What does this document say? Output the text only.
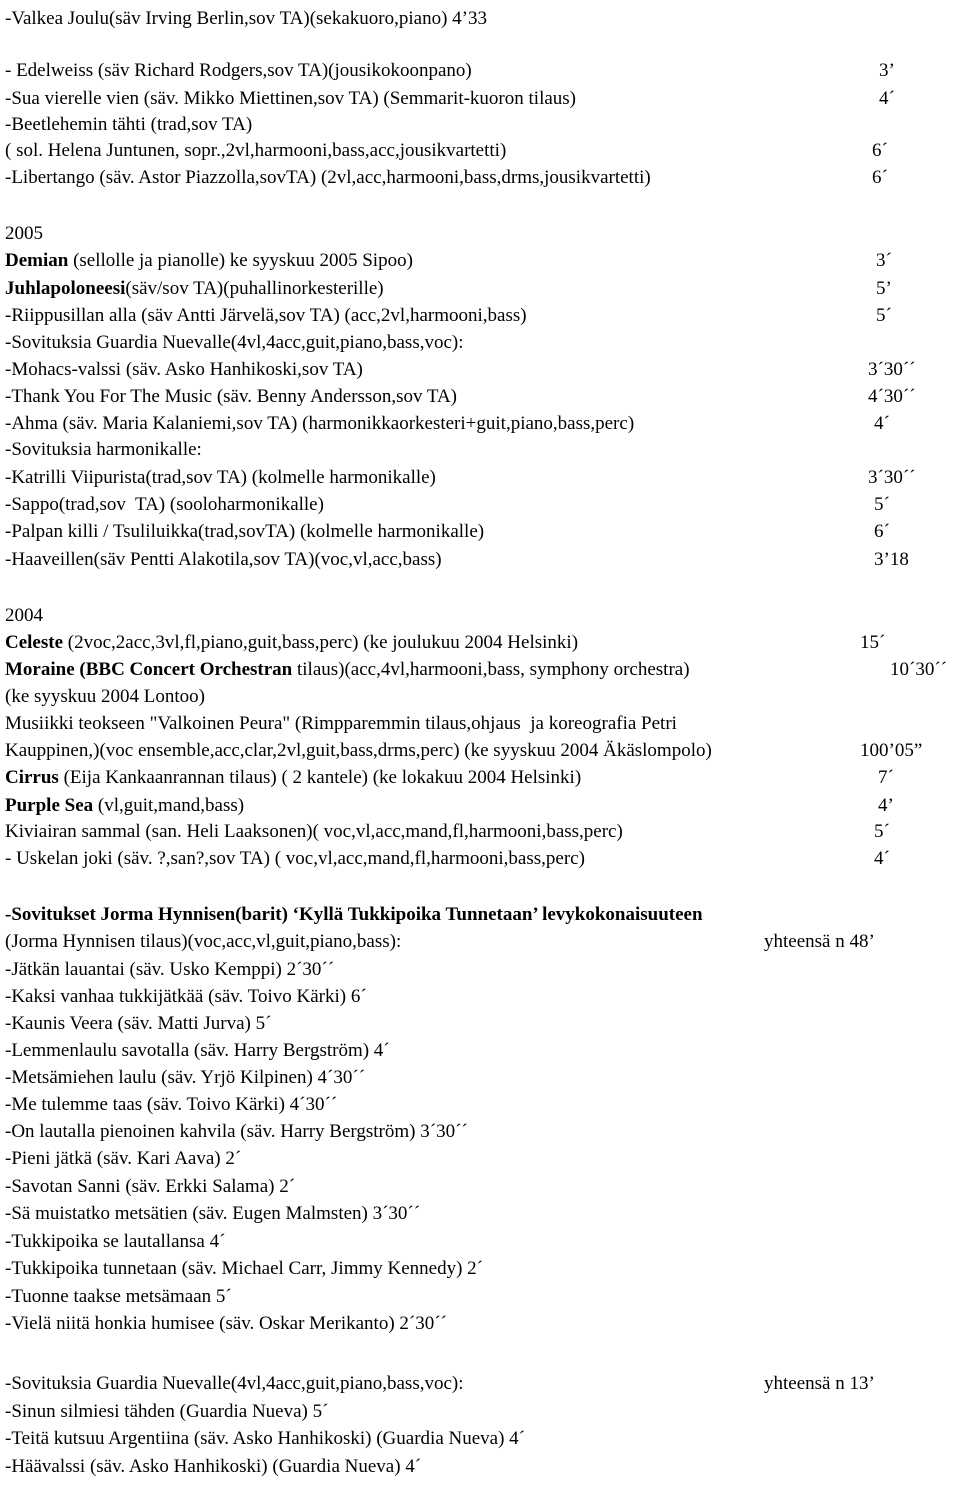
-Valkea Joulu(säv Irving Berlin,sov TA)(sekakuoro,piano) 4’33
- Edelweiss (säv Richard Rodgers,sov TA)(jousikokoonpano)	3’
-Sua vierelle vien (säv. Mikko Miettinen,sov TA) (Semmarit-kuoron tilaus)	4´
-Beetlehemin tähti (trad,sov TA)
( sol. Helena Juntunen, sopr.,2vl,harmooni,bass,acc,jousikvartetti)	6´
-Libertango (säv. Astor Piazzolla,sovTA) (2vl,acc,harmooni,bass,drms,jousikvartetti)	6´
2005
Demian (sellolle ja pianolle) ke syyskuu 2005 Sipoo)	3´
Juhlapoloneesi(säv/sov TA)(puhallinorkesterille)	5’
-Riippusillan alla (säv Antti Järvelä,sov TA) (acc,2vl,harmooni,bass)	5´
-Sovituksia Guardia Nuevalle(4vl,4acc,guit,piano,bass,voc):
-Mohacs-valssi (säv. Asko Hanhikoski,sov TA)	3´30´´
-Thank You For The Music (säv. Benny Andersson,sov TA)	4´30´´
-Ahma (säv. Maria Kalaniemi,sov TA) (harmonikkaorkesteri+guit,piano,bass,perc)	4´
-Sovituksia harmonikalle:
-Katrilli Viipurista(trad,sov TA) (kolmelle harmonikalle)	3´30´´
-Sappo(trad,sov  TA) (sooloharmonikalle)	5´
-Palpan killi / Tsuliluikka(trad,sovTA) (kolmelle harmonikalle)	6´
-Haaveillen(säv Pentti Alakotila,sov TA)(voc,vl,acc,bass)	3’18
2004
Celeste (2voc,2acc,3vl,fl,piano,guit,bass,perc) (ke joulukuu 2004 Helsinki)	15´
Moraine (BBC Concert Orchestran tilaus)(acc,4vl,harmooni,bass, symphony orchestra)	10´30´´
(ke syyskuu 2004 Lontoo)
Musiikki teokseen "Valkoinen Peura" (Rimpparemmin tilaus,ohjaus  ja koreografia Petri
Kauppinen,)(voc ensemble,acc,clar,2vl,guit,bass,drms,perc) (ke syyskuu 2004 Äkäslompolo)	100’05”
Cirrus (Eija Kankaanrannan tilaus) ( 2 kantele) (ke lokakuu 2004 Helsinki)	7´
Purple Sea (vl,guit,mand,bass)	4’
Kiviairan sammal (san. Heli Laaksonen)( voc,vl,acc,mand,fl,harmooni,bass,perc)	5´
- Uskelan joki (säv. ?,san?,sov TA) ( voc,vl,acc,mand,fl,harmooni,bass,perc)	4´
-Sovitukset Jorma Hynnisen(barit) ‘Kyllä Tukkipoika Tunnetaan’ levykokonaisuuteen
(Jorma Hynnisen tilaus)(voc,acc,vl,guit,piano,bass):	yhteensä n 48’
-Jätkän lauantai (säv. Usko Kemppi) 2´30´´
-Kaksi vanhaa tukkijätkää (säv. Toivo Kärki) 6´
-Kaunis Veera (säv. Matti Jurva) 5´
-Lemmenlaulu savotalla (säv. Harry Bergström) 4´
-Metsämiehen laulu (säv. Yrjö Kilpinen) 4´30´´
-Me tulemme taas (säv. Toivo Kärki) 4´30´´
-On lautalla pienoinen kahvila (säv. Harry Bergström) 3´30´´
-Pieni jätkä (säv. Kari Aava) 2´
-Savotan Sanni (säv. Erkki Salama) 2´
-Sä muistatko metsätien (säv. Eugen Malmsten) 3´30´´
-Tukkipoika se lautallansa 4´
-Tukkipoika tunnetaan (säv. Michael Carr, Jimmy Kennedy) 2´
-Tuonne taakse metsämaan 5´
-Vielä niitä honkia humisee (säv. Oskar Merikanto) 2´30´´
-Sovituksia Guardia Nuevalle(4vl,4acc,guit,piano,bass,voc):	yhteensä n 13’
-Sinun silmiesi tähden (Guardia Nueva) 5´
-Teitä kutsuu Argentiina (säv. Asko Hanhikoski) (Guardia Nueva) 4´
-Häävalssi (säv. Asko Hanhikoski) (Guardia Nueva) 4´
